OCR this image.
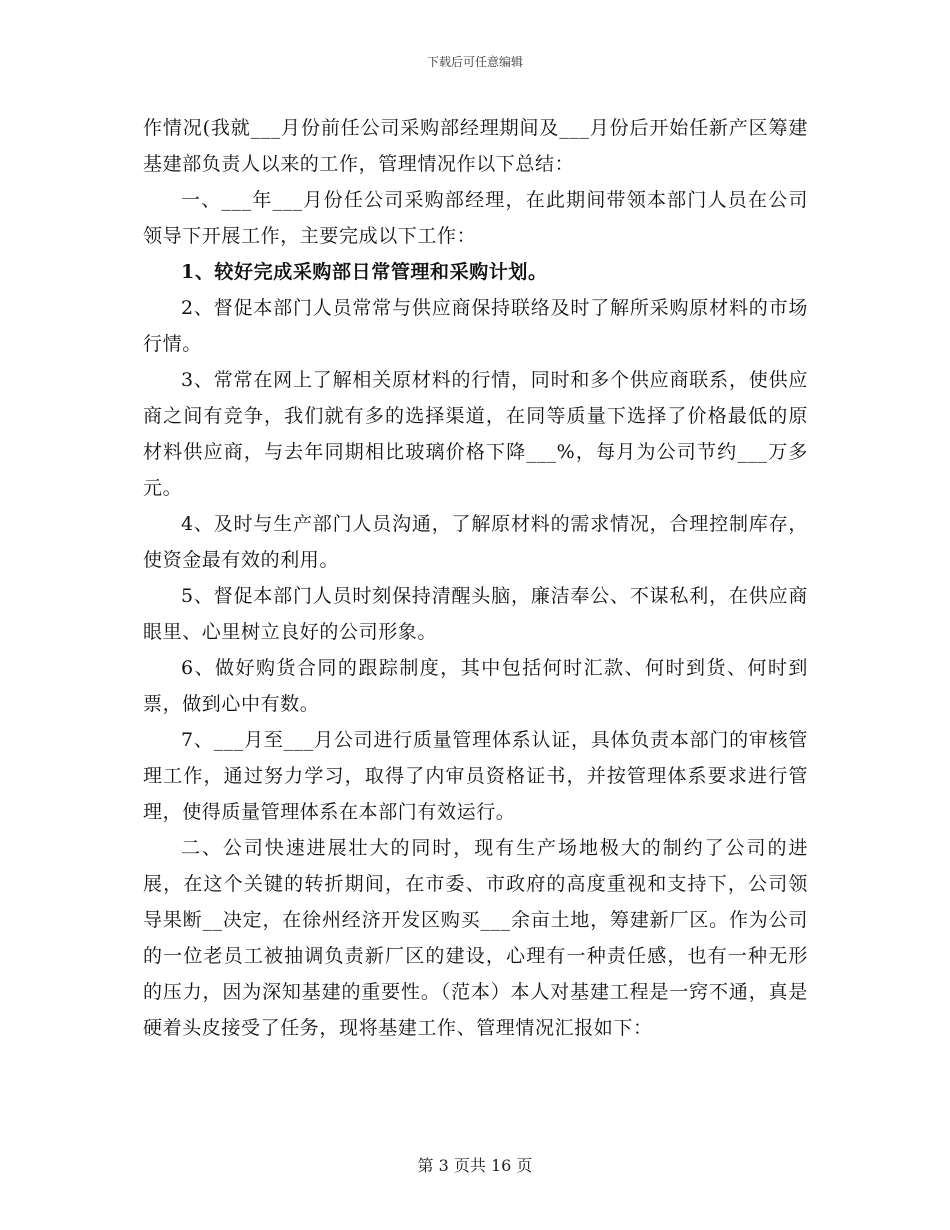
下载后可任意编辑

作情况(我就___月份前任公司采购部经理期间及___月份后开始任新产区筹建基建部负责人以来的工作，管理情况作以下总结：

一、___年___月份任公司采购部经理，在此期间带领本部门人员在公司领导下开展工作，主要完成以下工作：

1、较好完成采购部日常管理和采购计划。

2、督促本部门人员常常与供应商保持联络及时了解所采购原材料的市场行情。

3、常常在网上了解相关原材料的行情，同时和多个供应商联系，使供应商之间有竞争，我们就有多的选择渠道，在同等质量下选择了价格最低的原材料供应商，与去年同期相比玻璃价格下降___%，每月为公司节约___万多元。

4、及时与生产部门人员沟通，了解原材料的需求情况，合理控制库存，使资金最有效的利用。

5、督促本部门人员时刻保持清醒头脑，廉洁奉公、不谋私利，在供应商眼里、心里树立良好的公司形象。

6、做好购货合同的跟踪制度，其中包括何时汇款、何时到货、何时到票，做到心中有数。

7、___月至___月公司进行质量管理体系认证，具体负责本部门的审核管理工作，通过努力学习，取得了内审员资格证书，并按管理体系要求进行管理，使得质量管理体系在本部门有效运行。

二、公司快速进展壮大的同时，现有生产场地极大的制约了公司的进展，在这个关键的转折期间，在市委、市政府的高度重视和支持下，公司领导果断__决定，在徐州经济开发区购买___余亩土地，筹建新厂区。作为公司的一位老员工被抽调负责新厂区的建设，心理有一种责任感，也有一种无形的压力，因为深知基建的重要性。（范本）本人对基建工程是一窍不通，真是硬着头皮接受了任务，现将基建工作、管理情况汇报如下：

第 3 页共 16 页
